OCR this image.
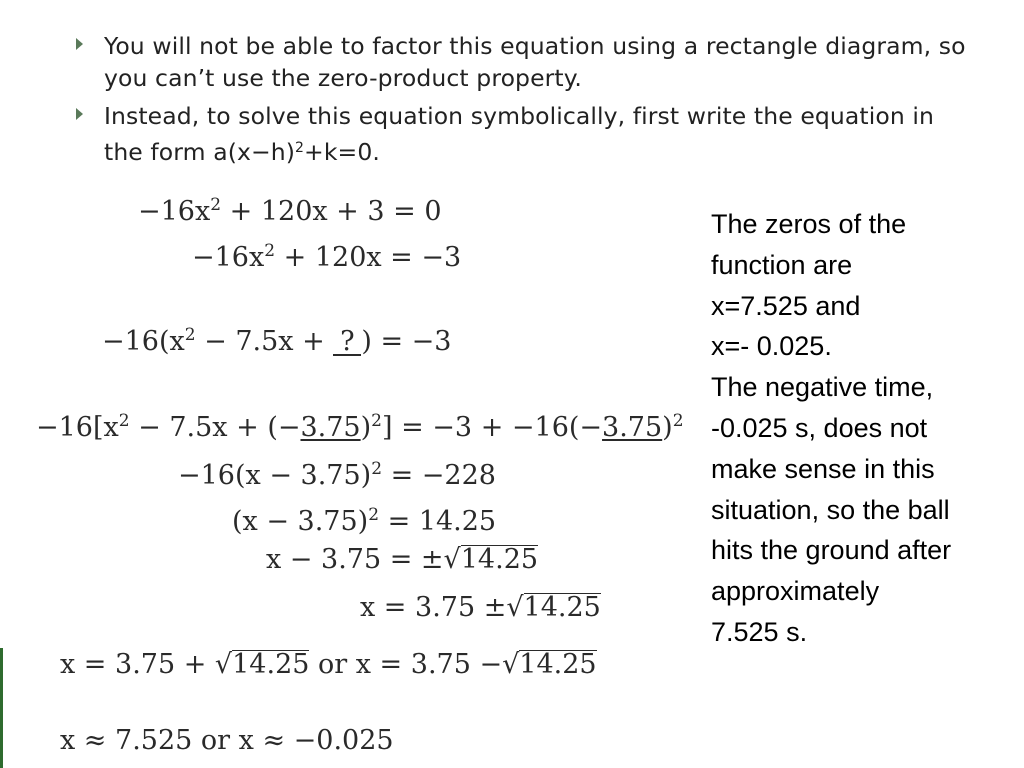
You will not be able to factor this equation using a rectangle diagram, so you can’t use the zero-product property.
Instead, to solve this equation symbolically, first write the equation in the form $a(x-h)^2+k=0$.
$-16x^2 + 120x + 3 = 0$
$-16x^2 + 120x = -3$
$-16(x^2 - 7.5x$ + ? ) = −3
$-16[x^2 - 7.5x + (-3.75)^2] = -3 + -16(-3.75)^2$
$-16(x - 3.75)^2 = -228$
$(x - 3.75)^2 = 14.25$
x − 3.75 = ±√14.25
x = 3.75 ±√14.25
x = 3.75 + √14.25 or x = 3.75 −√14.25
x ≈ 7.525 or x ≈ −0.025
The zeros of the
function are
x=7.525 and
x=- 0.025.
The negative time,
-0.025 s, does not
make sense in this
situation, so the ball
hits the ground after
approximately
7.525 s.
